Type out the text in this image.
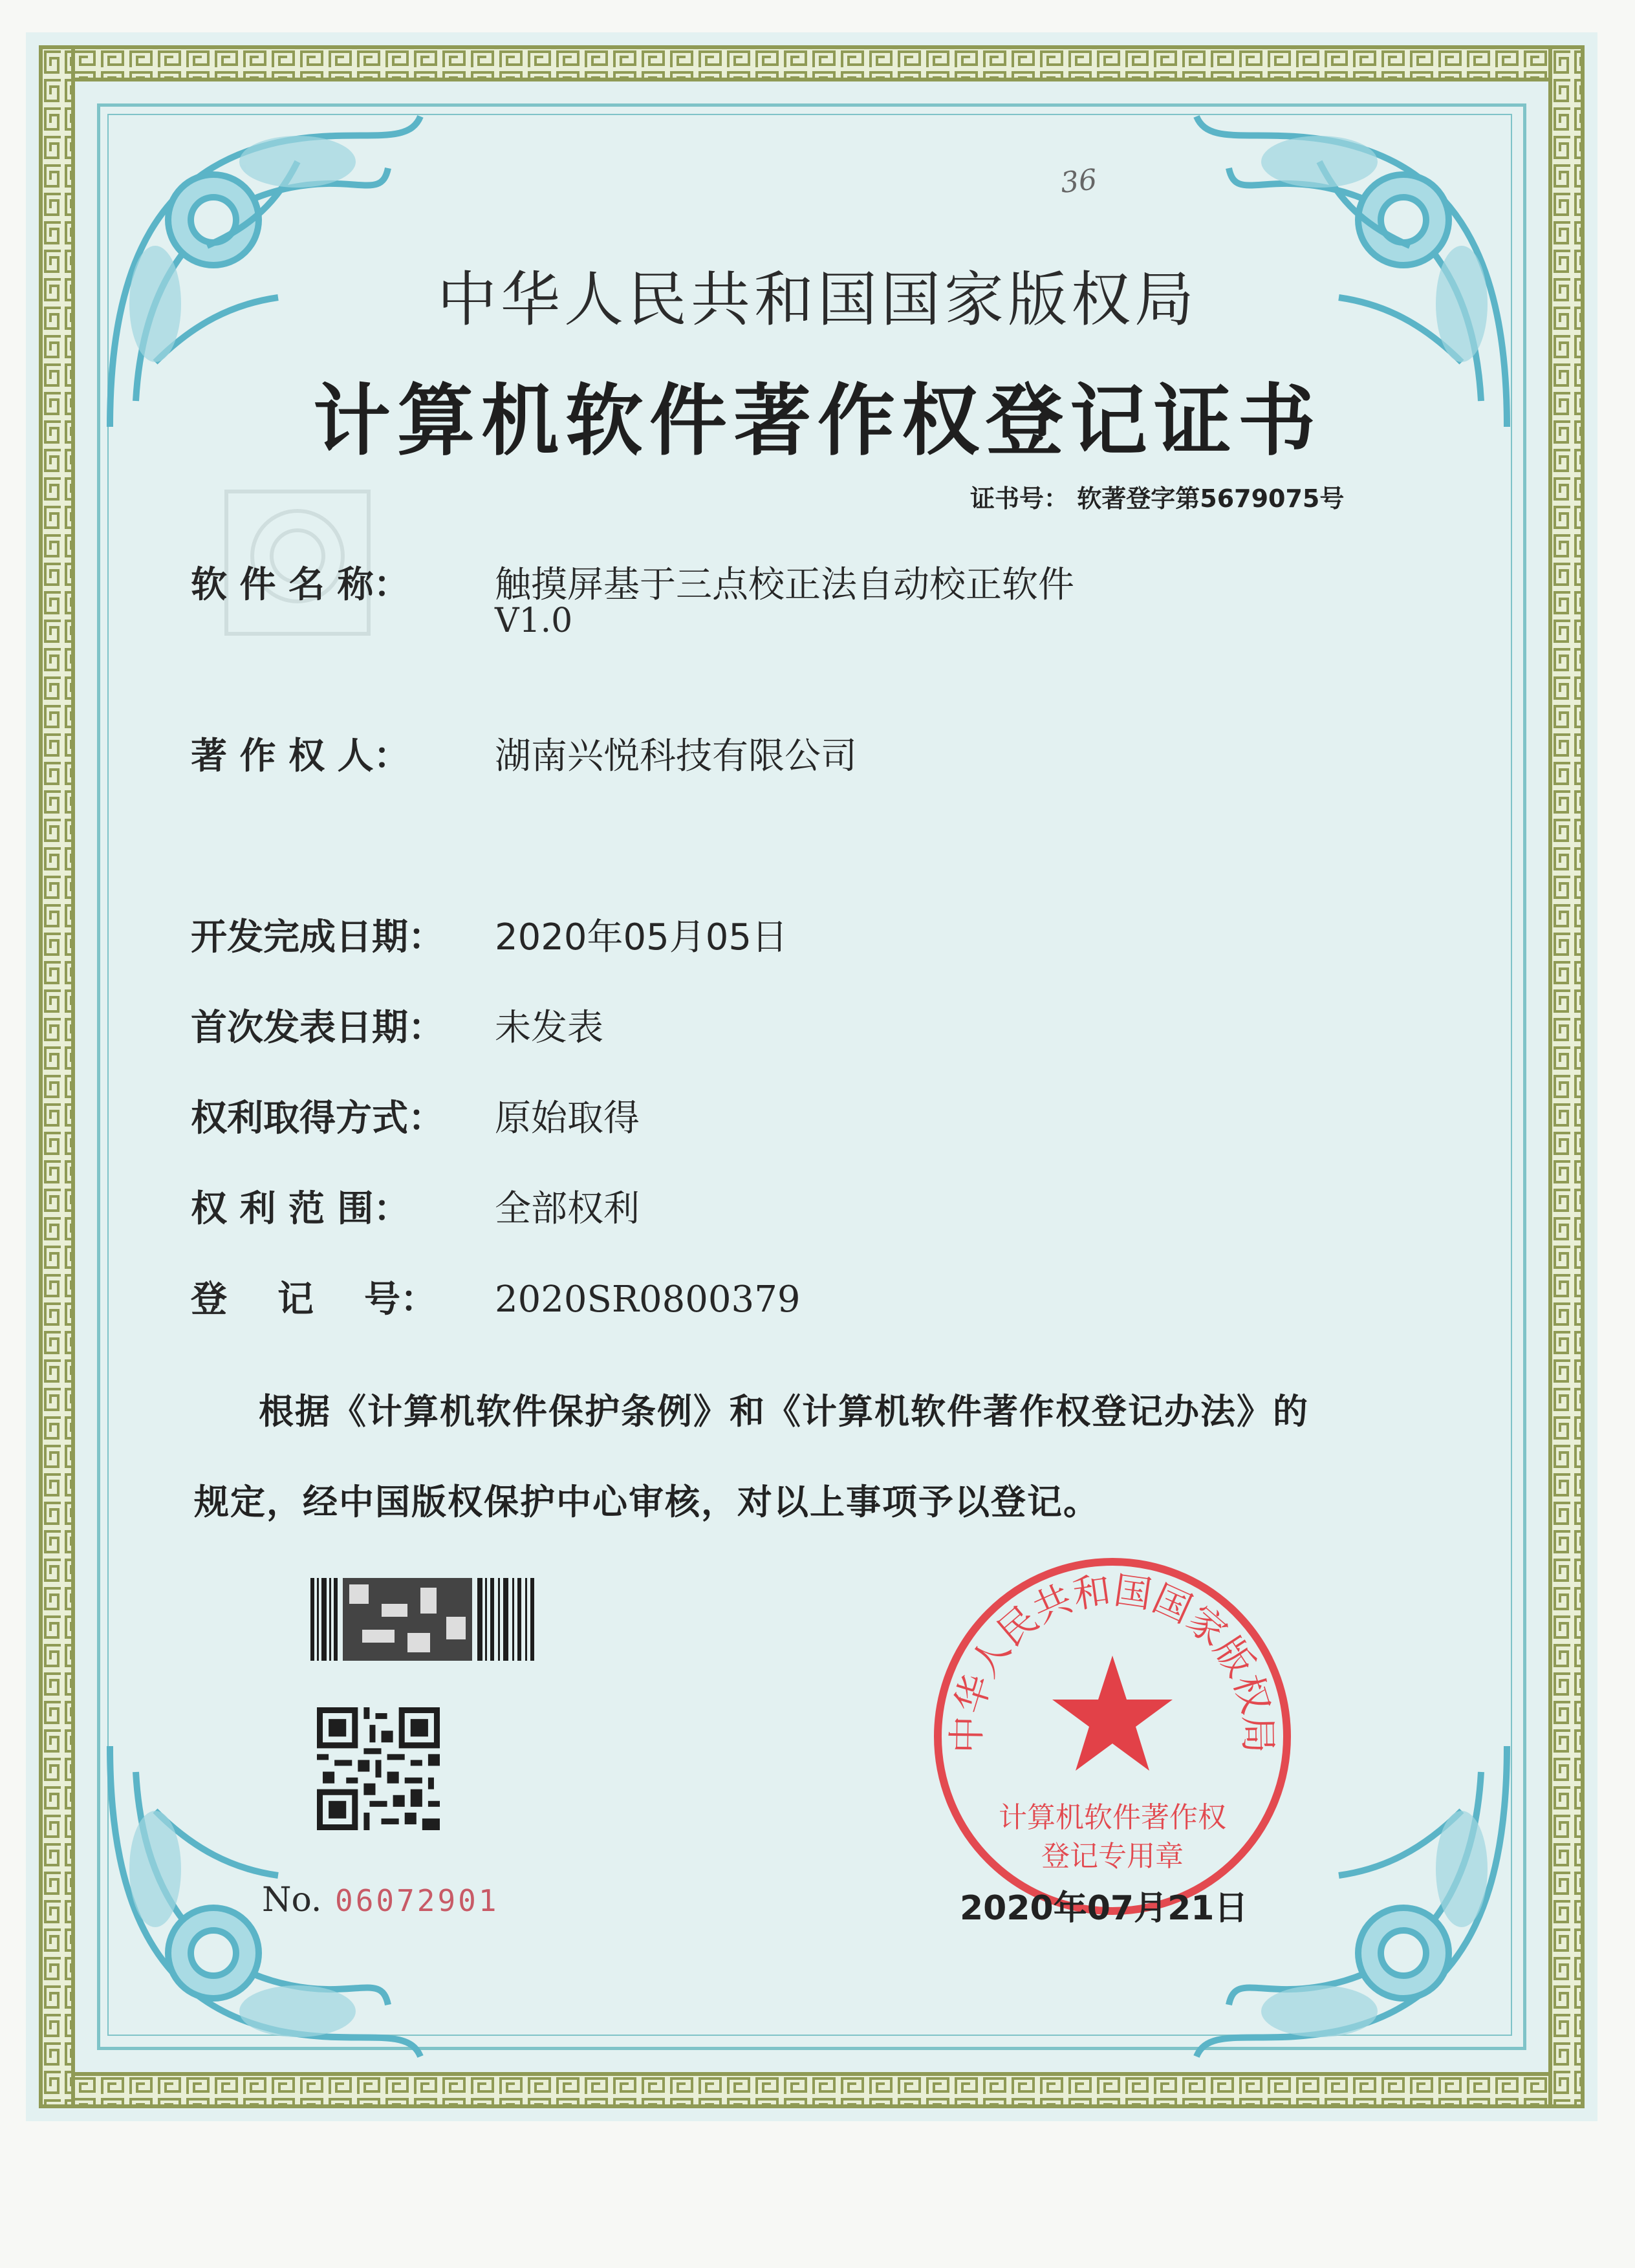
36
中华人民共和国国家版权局
计算机软件著作权登记证书
证书号： 软著登字第5679075号
软 件 名 称： 触摸屏基于三点校正法自动校正软件
V1.0
著 作 权 人： 湖南兴悦科技有限公司
开发完成日期： 2020年05月05日
首次发表日期： 未发表
权利取得方式： 原始取得
权 利 范 围： 全部权利
登    记    号： 2020SR0800379
根据《计算机软件保护条例》和《计算机软件著作权登记办法》的
规定，经中国版权保护中心审核，对以上事项予以登记。
No. 06072901
中华人民共和国国家版权局
计算机软件著作权
登记专用章
2020年07月21日
